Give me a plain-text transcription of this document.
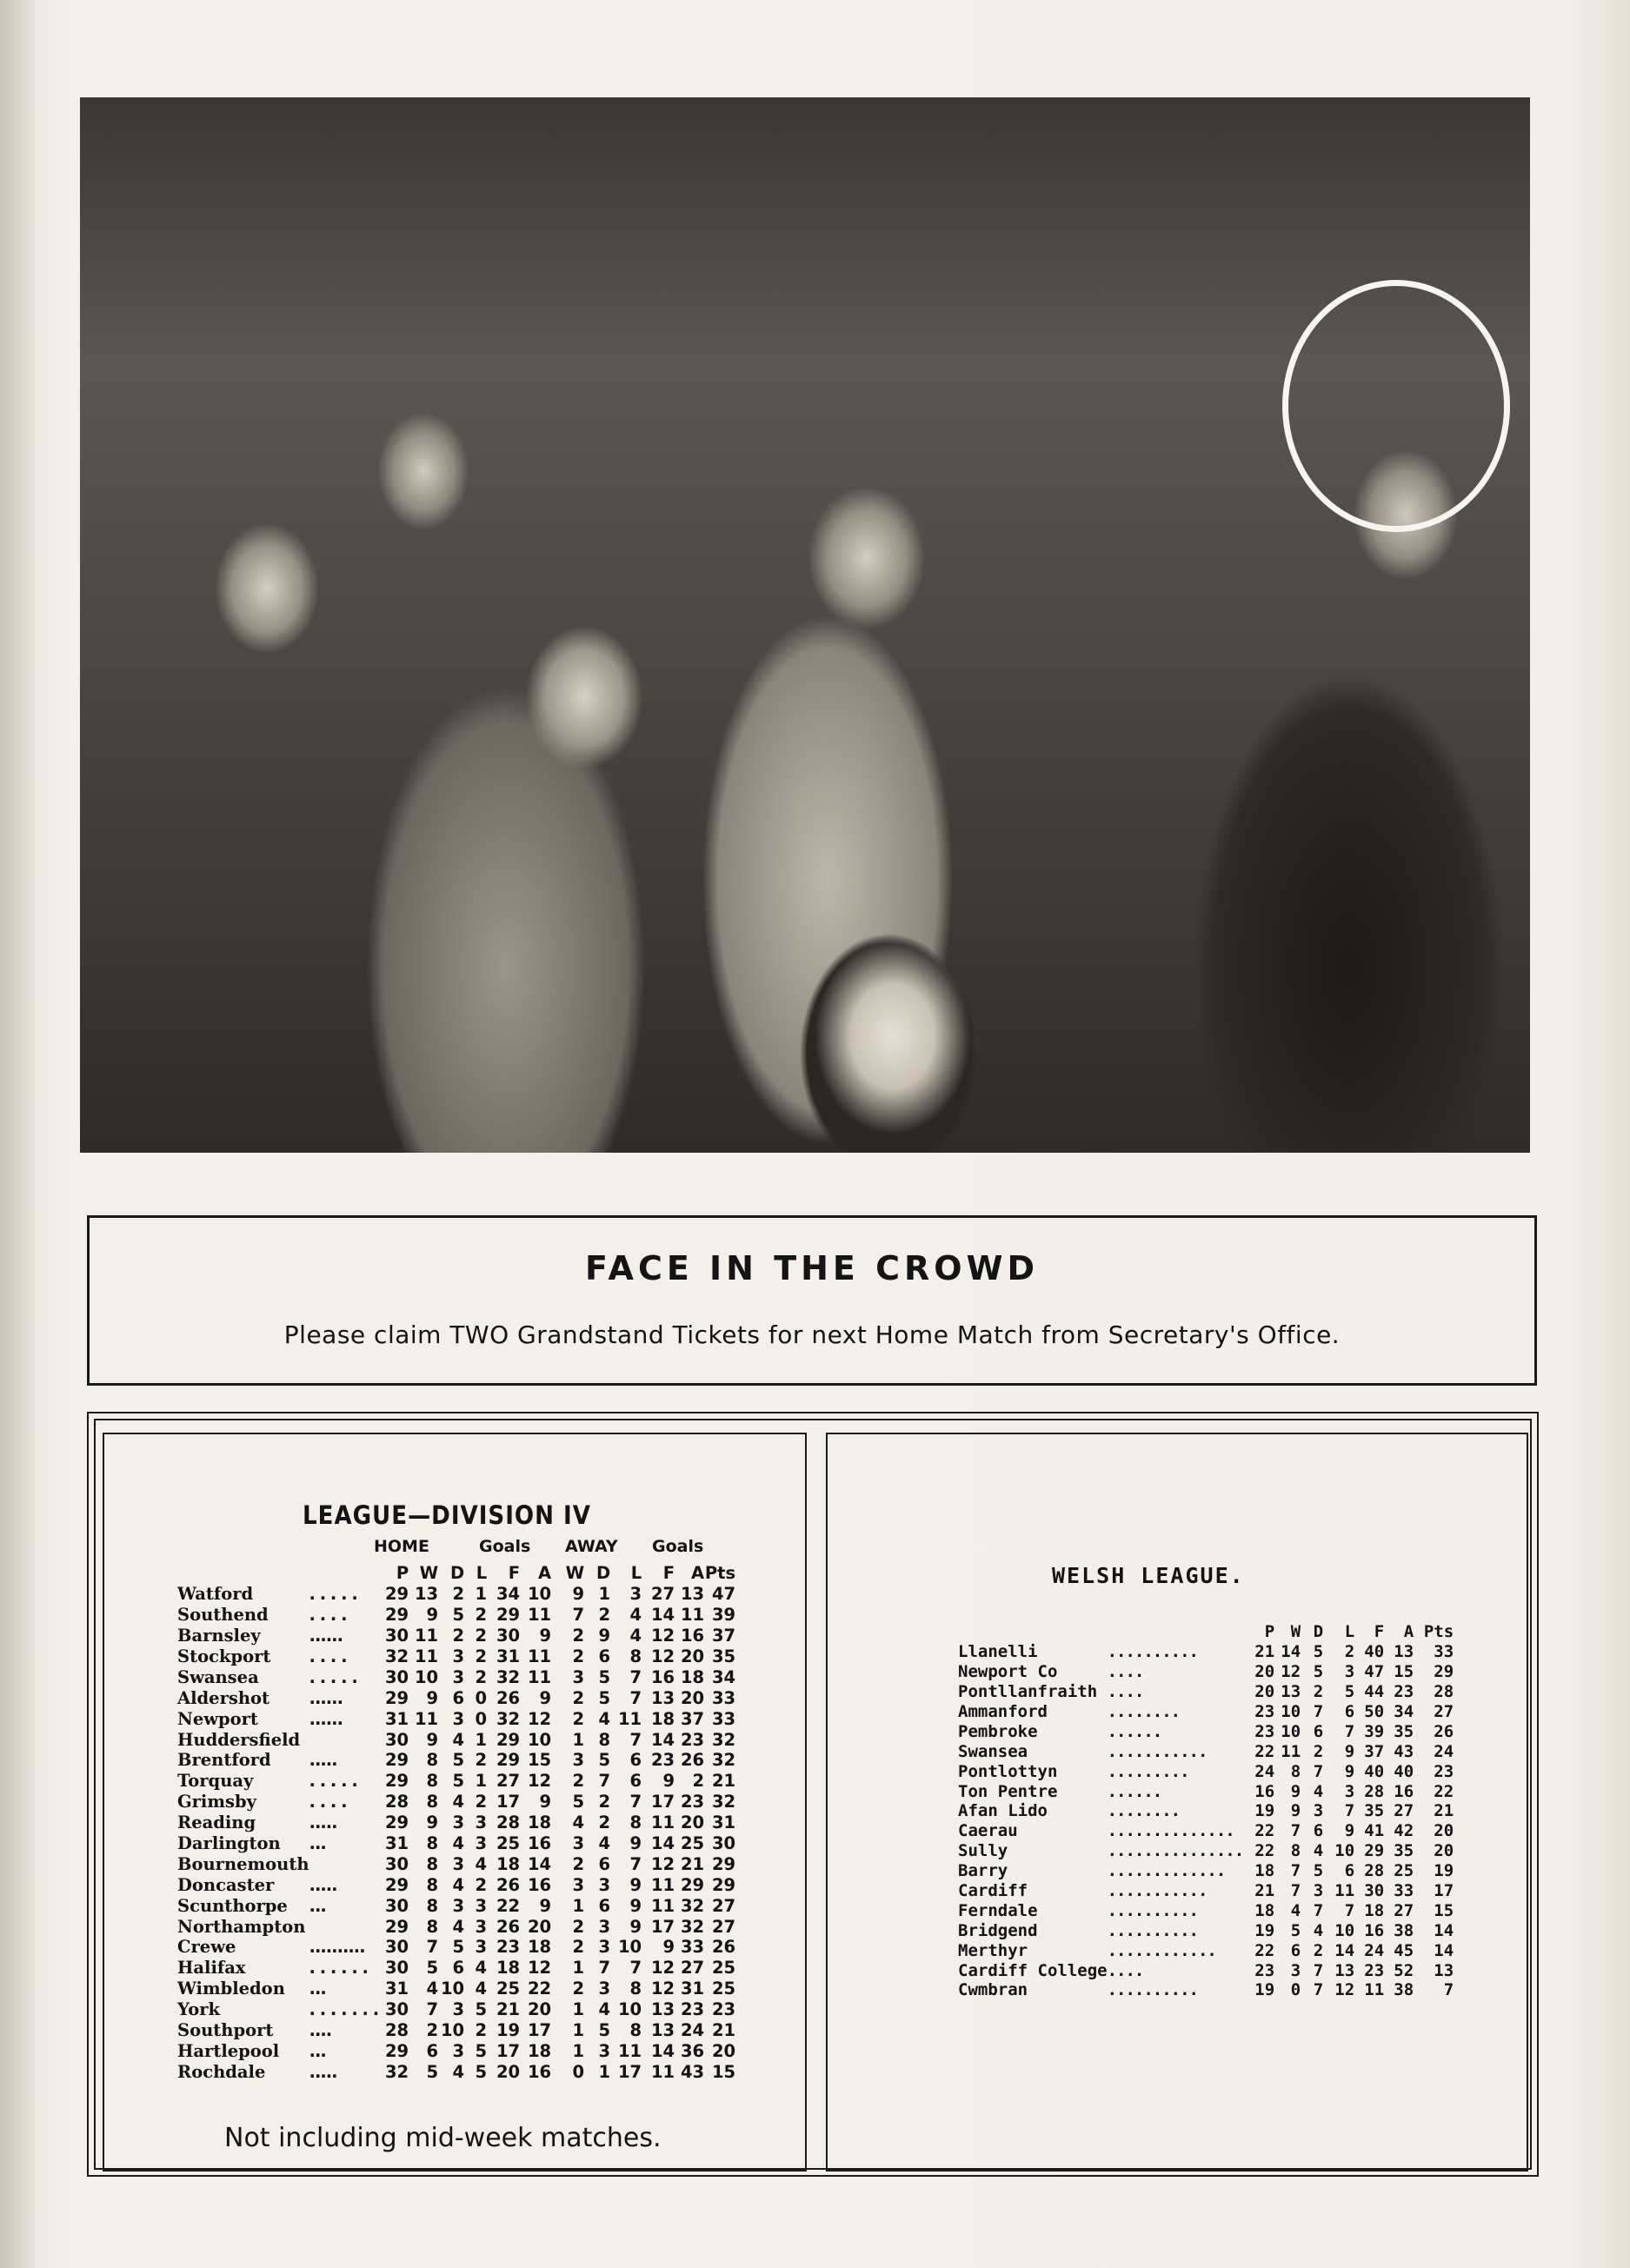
FACE IN THE CROWD
Please claim TWO Grandstand Tickets for next Home Match from Secretary's Office.
LEAGUE—DIVISION IV
HOME	Goals AWAY Goals
		P	W	D	L	F	A	W	D	L	F	A	Pts
Watford	. . . . .	29	13	2	1	34	10	9	1	3	27	13	47
Southend	. . . .	29	9	5	2	29	11	7	2	4	14	11	39
Barnsley	......	30	11	2	2	30	9	2	9	4	12	16	37
Stockport	. . . .	32	11	3	2	31	11	2	6	8	12	20	35
Swansea	. . . . .	30	10	3	2	32	11	3	5	7	16	18	34
Aldershot	......	29	9	6	0	26	9	2	5	7	13	20	33
Newport	......	31	11	3	0	32	12	2	4	11	18	37	33
Huddersfield		30	9	4	1	29	10	1	8	7	14	23	32
Brentford	.....	29	8	5	2	29	15	3	5	6	23	26	32
Torquay	. . . . .	29	8	5	1	27	12	2	7	6	9	2	21
Grimsby	. . . .	28	8	4	2	17	9	5	2	7	17	23	32
Reading	.....	29	9	3	3	28	18	4	2	8	11	20	31
Darlington	...	31	8	4	3	25	16	3	4	9	14	25	30
Bournemouth		30	8	3	4	18	14	2	6	7	12	21	29
Doncaster	.....	29	8	4	2	26	16	3	3	9	11	29	29
Scunthorpe	...	30	8	3	3	22	9	1	6	9	11	32	27
Northampton		29	8	4	3	26	20	2	3	9	17	32	27
Crewe	..........	30	7	5	3	23	18	2	3	10	9	33	26
Halifax	. . . . . .	30	5	6	4	18	12	1	7	7	12	27	25
Wimbledon	...	31	4	10	4	25	22	2	3	8	12	31	25
York	. . . . . . .	30	7	3	5	21	20	1	4	10	13	23	23
Southport	....	28	2	10	2	19	17	1	5	8	13	24	21
Hartlepool	...	29	6	3	5	17	18	1	3	11	14	36	20
Rochdale	.....	32	5	4	5	20	16	0	1	17	11	43	15
Not including mid-week matches.
WELSH LEAGUE.
		P	W	D	L	F	A	Pts
Llanelli	..........	21	14	5	2	40	13	33
Newport Co	....	20	12	5	3	47	15	29
Pontllanfraith	....	20	13	2	5	44	23	28
Ammanford	........	23	10	7	6	50	34	27
Pembroke	......	23	10	6	7	39	35	26
Swansea	...........	22	11	2	9	37	43	24
Pontlottyn	.........	24	8	7	9	40	40	23
Ton Pentre	......	16	9	4	3	28	16	22
Afan Lido	........	19	9	3	7	35	27	21
Caerau	..............	22	7	6	9	41	42	20
Sully	...............	22	8	4	10	29	35	20
Barry	.............	18	7	5	6	28	25	19
Cardiff	...........	21	7	3	11	30	33	17
Ferndale	..........	18	4	7	7	18	27	15
Bridgend	..........	19	5	4	10	16	38	14
Merthyr	............	22	6	2	14	24	45	14
Cardiff College	....	23	3	7	13	23	52	13
Cwmbran	..........	19	0	7	12	11	38	7
